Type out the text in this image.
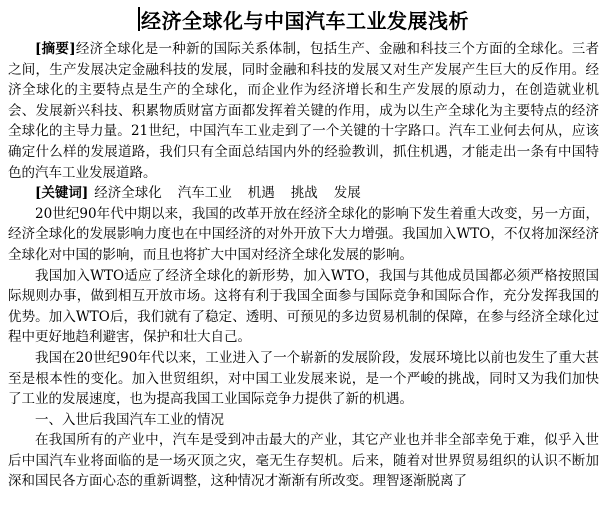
经济全球化与中国汽车工业发展浅析

[摘要]经济全球化是一种新的国际关系体制，包括生产、金融和科技三个方面的全球化。三者之间，生产发展决定金融科技的发展，同时金融和科技的发展又对生产发展产生巨大的反作用。经济全球化的主要特点是生产的全球化，而企业作为经济增长和生产发展的原动力，在创造就业机会、发展新兴科技、积累物质财富方面都发挥着关键的作用，成为以生产全球化为主要特点的经济全球化的主导力量。21世纪，中国汽车工业走到了一个关键的十字路口。汽车工业何去何从，应该确定什么样的发展道路，我们只有全面总结国内外的经验教训，抓住机遇，才能走出一条有中国特色的汽车工业发展道路。

[关键词] 经济全球化 汽车工业 机遇 挑战 发展

20世纪90年代中期以来，我国的改革开放在经济全球化的影响下发生着重大改变，另一方面，经济全球化的发展影响力度也在中国经济的对外开放下大力增强。我国加入WTO，不仅将加深经济全球化对中国的影响，而且也将扩大中国对经济全球化发展的影响。

我国加入WTO适应了经济全球化的新形势，加入WTO，我国与其他成员国都必须严格按照国际规则办事，做到相互开放市场。这将有利于我国全面参与国际竞争和国际合作，充分发挥我国的优势。加入WTO后，我们就有了稳定、透明、可预见的多边贸易机制的保障，在参与经济全球化过程中更好地趋利避害，保护和壮大自己。

我国在20世纪90年代以来，工业进入了一个崭新的发展阶段，发展环境比以前也发生了重大甚至是根本性的变化。加入世贸组织，对中国工业发展来说，是一个严峻的挑战，同时又为我们加快了工业的发展速度，也为提高我国工业国际竞争力提供了新的机遇。

一、入世后我国汽车工业的情况

在我国所有的产业中，汽车是受到冲击最大的产业，其它产业也并非全部幸免于难，似乎入世后中国汽车业将面临的是一场灭顶之灾，毫无生存契机。后来，随着对世界贸易组织的认识不断加深和国民各方面心态的重新调整，这种情况才渐渐有所改变。理智逐渐脱离了
